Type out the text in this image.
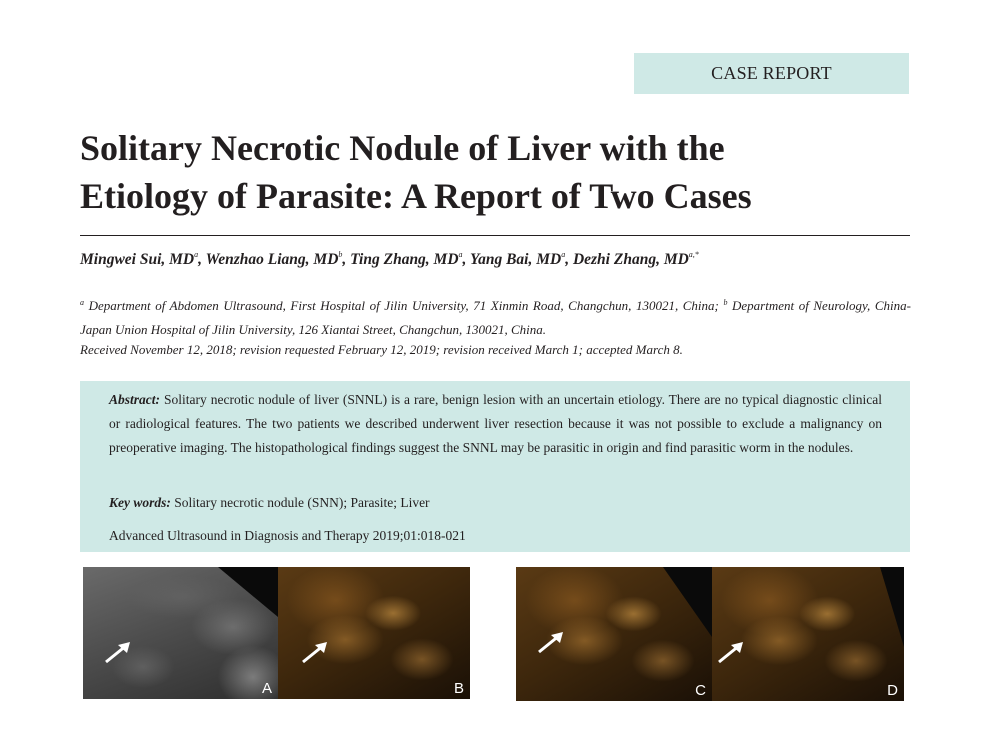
CASE REPORT
Solitary Necrotic Nodule of Liver with the
Etiology of Parasite: A Report of Two Cases
Mingwei Sui, $MD^a$, Wenzhao Liang, $MD^b$, Ting Zhang, $MD^a$, Yang Bai, $MD^a$, Dezhi Zhang, $MD^{a,*}$
$^a$ Department of Abdomen Ultrasound, First Hospital of Jilin University, 71 Xinmin Road, Changchun, 130021, China; $^b$ Department of Neurology, China-Japan Union Hospital of Jilin University, 126 Xiantai Street, Changchun, 130021, China.
Received November 12, 2018; revision requested February 12, 2019; revision received March 1; accepted March 8.
Abstract: Solitary necrotic nodule of liver (SNNL) is a rare, benign lesion with an uncertain etiology. There are no typical diagnostic clinical or radiological features. The two patients we described underwent liver resection because it was not possible to exclude a malignancy on preoperative imaging. The histopathological findings suggest the SNNL may be parasitic in origin and find parasitic worm in the nodules.
Key words: Solitary necrotic nodule (SNN); Parasite; Liver
Advanced Ultrasound in Diagnosis and Therapy 2019;01:018-021
A	B	C	D
